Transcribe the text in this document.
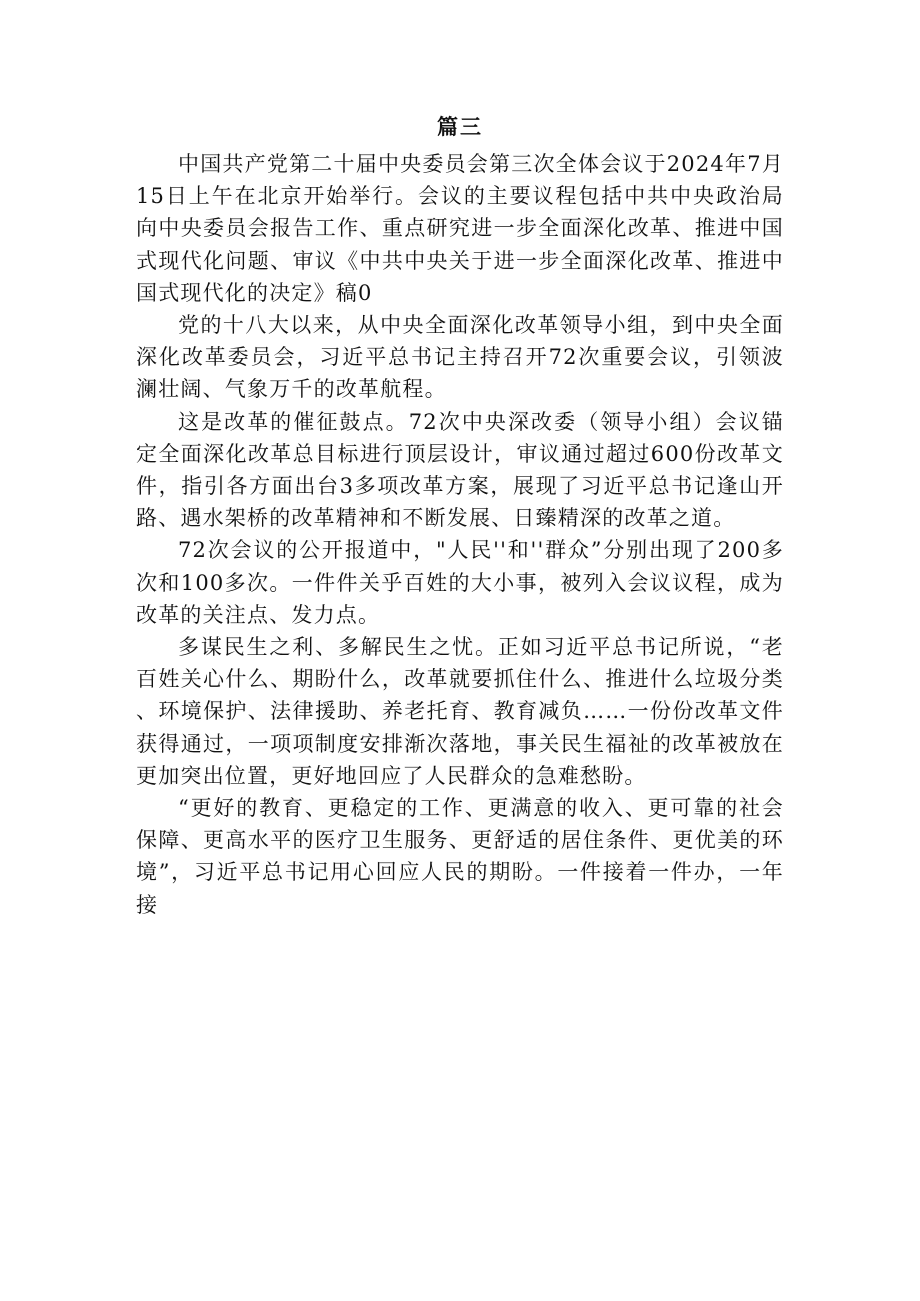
篇三

中国共产党第二十届中央委员会第三次全体会议于2024年7月15日上午在北京开始举行。会议的主要议程包括中共中央政治局向中央委员会报告工作、重点研究进一步全面深化改革、推进中国式现代化问题、审议《中共中央关于进一步全面深化改革、推进中国式现代化的决定》稿0

党的十八大以来，从中央全面深化改革领导小组，到中央全面深化改革委员会，习近平总书记主持召开72次重要会议，引领波澜壮阔、气象万千的改革航程。

这是改革的催征鼓点。72次中央深改委（领导小组）会议锚定全面深化改革总目标进行顶层设计，审议通过超过600份改革文件，指引各方面出台3多项改革方案，展现了习近平总书记逢山开路、遇水架桥的改革精神和不断发展、日臻精深的改革之道。

72次会议的公开报道中，"人民''和''群众”分别出现了200多次和100多次。一件件关乎百姓的大小事，被列入会议议程，成为改革的关注点、发力点。

多谋民生之利、多解民生之忧。正如习近平总书记所说，“老百姓关心什么、期盼什么，改革就要抓住什么、推进什么垃圾分类、环境保护、法律援助、养老托育、教育减负……一份份改革文件获得通过，一项项制度安排渐次落地，事关民生福祉的改革被放在更加突出位置，更好地回应了人民群众的急难愁盼。

“更好的教育、更稳定的工作、更满意的收入、更可靠的社会保障、更高水平的医疗卫生服务、更舒适的居住条件、更优美的环境”，习近平总书记用心回应人民的期盼。一件接着一件办，一年接
